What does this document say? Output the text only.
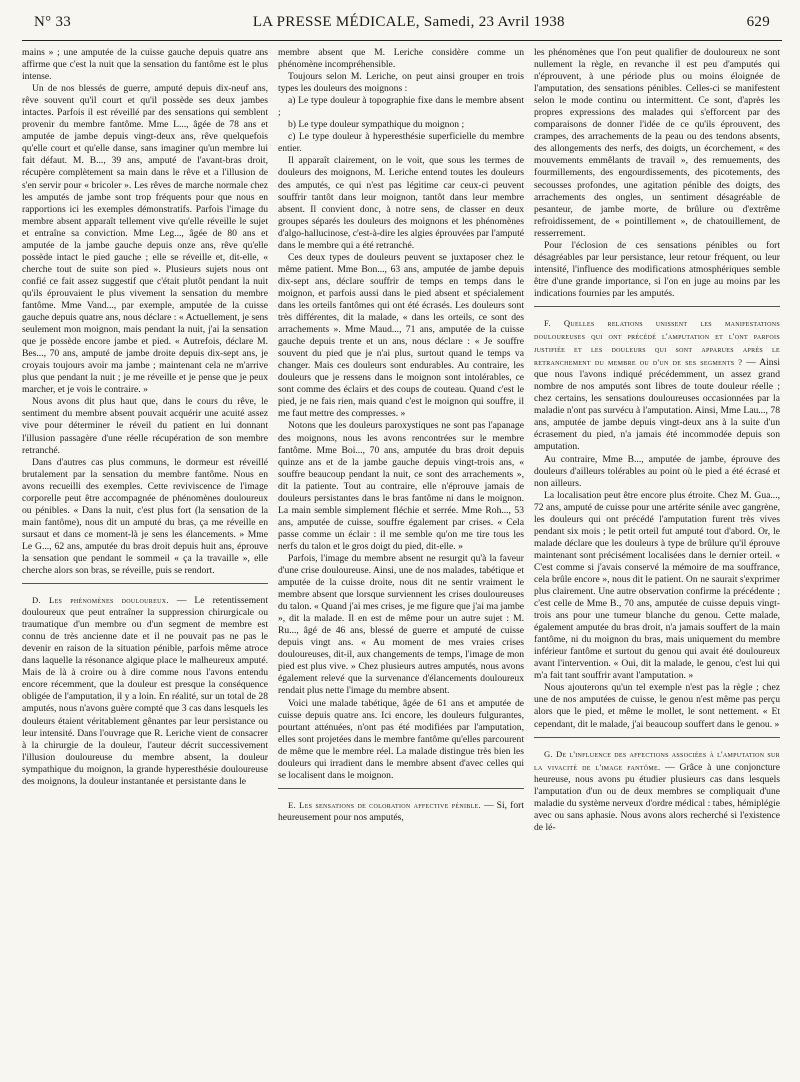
N° 33	LA PRESSE MÉDICALE, Samedi, 23 Avril 1938	629

mains » ; une amputée de la cuisse gauche depuis quatre ans affirme que c'est la nuit que la sensation du fantôme est le plus intense.

Un de nos blessés de guerre, amputé depuis dix-neuf ans, rêve souvent qu'il court et qu'il possède ses deux jambes intactes. Parfois il est réveillé par des sensations qui semblent provenir du membre fantôme. Mme L..., âgée de 78 ans et amputée de jambe depuis vingt-deux ans, rêve quelquefois qu'elle court et qu'elle danse, sans imaginer qu'un membre lui fait défaut. M. B..., 39 ans, amputé de l'avant-bras droit, récupère complètement sa main dans le rêve et a l'illusion de s'en servir pour « bricoler ». Les rêves de marche normale chez les amputés de jambe sont trop fréquents pour que nous en rapportions ici les exemples démonstratifs. Parfois l'image du membre absent apparaît tellement vive qu'elle réveille le sujet et entraîne sa conviction. Mme Leg..., âgée de 80 ans et amputée de la jambe gauche depuis onze ans, rêve qu'elle possède intact le pied gauche ; elle se réveille et, dit-elle, « cherche tout de suite son pied ». Plusieurs sujets nous ont confié ce fait assez suggestif que c'était plutôt pendant la nuit qu'ils éprouvaient le plus vivement la sensation du membre fantôme. Mme Vand..., par exemple, amputée de la cuisse gauche depuis quatre ans, nous déclare : « Actuellement, je sens seulement mon moignon, mais pendant la nuit, j'ai la sensation que je possède encore jambe et pied. « Autrefois, déclare M. Bes..., 70 ans, amputé de jambe droite depuis dix-sept ans, je croyais toujours avoir ma jambe ; maintenant cela ne m'arrive plus que pendant la nuit ; je me réveille et je pense que je peux marcher, et je vois le contraire. »

Nous avons dit plus haut que, dans le cours du rêve, le sentiment du membre absent pouvait acquérir une acuité assez vive pour déterminer le réveil du patient en lui donnant l'illusion passagère d'une réelle récupération de son membre retranché.

Dans d'autres cas plus communs, le dormeur est réveillé brutalement par la sensation du membre fantôme. Nous en avons recueilli des exemples. Cette reviviscence de l'image corporelle peut être accompagnée de phénomènes douloureux ou pénibles. « Dans la nuit, c'est plus fort (la sensation de la main fantôme), nous dit un amputé du bras, ça me réveille en sursaut et dans ce moment-là je sens les élancements. » Mme Le G..., 62 ans, amputée du bras droit depuis huit ans, éprouve la sensation que pendant le sommeil « ça la travaille », elle cherche alors son bras, se réveille, puis se rendort.

D. Les phénomènes douloureux. — Le retentissement douloureux que peut entraîner la suppression chirurgicale ou traumatique d'un membre ou d'un segment de membre est connu de très ancienne date et il ne pouvait pas ne pas le devenir en raison de la situation pénible, parfois même atroce dans laquelle la résonance algique place le malheureux amputé. Mais de là à croire ou à dire comme nous l'avons entendu encore récemment, que la douleur est presque la conséquence obligée de l'amputation, il y a loin. En réalité, sur un total de 28 amputés, nous n'avons guère compté que 3 cas dans lesquels les douleurs étaient véritablement gênantes par leur persistance ou leur intensité. Dans l'ouvrage que R. Leriche vient de consacrer à la chirurgie de la douleur, l'auteur décrit successivement l'illusion douloureuse du membre absent, la douleur sympathique du moignon, la grande hyperesthésie douloureuse des moignons, la douleur instantanée et persistante dans le

membre absent que M. Leriche considère comme un phénomène incompréhensible.

Toujours selon M. Leriche, on peut ainsi grouper en trois types les douleurs des moignons :

a) Le type douleur à topographie fixe dans le membre absent ;

b) Le type douleur sympathique du moignon ;

c) Le type douleur à hyperesthésie superficielle du membre entier.

Il apparaît clairement, on le voit, que sous les termes de douleurs des moignons, M. Leriche entend toutes les douleurs des amputés, ce qui n'est pas légitime car ceux-ci peuvent souffrir tantôt dans leur moignon, tantôt dans leur membre absent. Il convient donc, à notre sens, de classer en deux groupes séparés les douleurs des moignons et les phénomènes d'algo-hallucinose, c'est-à-dire les algies éprouvées par l'amputé dans le membre qui a été retranché.

Ces deux types de douleurs peuvent se juxtaposer chez le même patient. Mme Bon..., 63 ans, amputée de jambe depuis dix-sept ans, déclare souffrir de temps en temps dans le moignon, et parfois aussi dans le pied absent et spécialement dans les orteils fantômes qui ont été écrasés. Les douleurs sont très différentes, dit la malade, « dans les orteils, ce sont des arrachements ». Mme Maud..., 71 ans, amputée de la cuisse gauche depuis trente et un ans, nous déclare : « Je souffre souvent du pied que je n'ai plus, surtout quand le temps va changer. Mais ces douleurs sont endurables. Au contraire, les douleurs que je ressens dans le moignon sont intolérables, ce sont comme des éclairs et des coups de couteau. Quand c'est le pied, je ne fais rien, mais quand c'est le moignon qui souffre, il me faut mettre des compresses. »

Notons que les douleurs paroxystiques ne sont pas l'apanage des moignons, nous les avons rencontrées sur le membre fantôme. Mme Boi..., 70 ans, amputée du bras droit depuis quinze ans et de la jambe gauche depuis vingt-trois ans, « souffre beaucoup pendant la nuit, ce sont des arrachements », dit la patiente. Tout au contraire, elle n'éprouve jamais de douleurs persistantes dans le bras fantôme ni dans le moignon. La main semble simplement fléchie et serrée. Mme Roh..., 53 ans, amputée de cuisse, souffre également par crises. « Cela passe comme un éclair : il me semble qu'on me tire tous les nerfs du talon et le gros doigt du pied, dit-elle. »

Parfois, l'image du membre absent ne resurgit qu'à la faveur d'une crise douloureuse. Ainsi, une de nos malades, tabétique et amputée de la cuisse droite, nous dit ne sentir vraiment le membre absent que lorsque surviennent les crises douloureuses du talon. « Quand j'ai mes crises, je me figure que j'ai ma jambe », dit la malade. Il en est de même pour un autre sujet : M. Ru..., âgé de 46 ans, blessé de guerre et amputé de cuisse depuis vingt ans. « Au moment de mes vraies crises douloureuses, dit-il, aux changements de temps, l'image de mon pied est plus vive. » Chez plusieurs autres amputés, nous avons également relevé que la survenance d'élancements douloureux rendait plus nette l'image du membre absent.

Voici une malade tabétique, âgée de 61 ans et amputée de cuisse depuis quatre ans. Ici encore, les douleurs fulgurantes, pourtant atténuées, n'ont pas été modifiées par l'amputation, elles sont projetées dans le membre fantôme qu'elles parcourent de même que le membre réel. La malade distingue très bien les douleurs qui irradient dans le membre absent d'avec celles qui se localisent dans le moignon.

E. Les sensations de coloration affective pénible. — Si, fort heureusement pour nos amputés,

les phénomènes que l'on peut qualifier de douloureux ne sont nullement la règle, en revanche il est peu d'amputés qui n'éprouvent, à une période plus ou moins éloignée de l'amputation, des sensations pénibles. Celles-ci se manifestent selon le mode continu ou intermittent. Ce sont, d'après les propres expressions des malades qui s'efforcent par des comparaisons de donner l'idée de ce qu'ils éprouvent, des crampes, des arrachements de la peau ou des tendons absents, des allongements des nerfs, des doigts, un écorchement, « des mouvements emmêlants de travail », des remuements, des fourmillements, des engourdissements, des picotements, des secousses profondes, une agitation pénible des doigts, des arrachements des ongles, un sentiment désagréable de pesanteur, de jambe morte, de brûlure ou d'extrême refroidissement, de « pointillement », de chatouillement, de resserrement.

Pour l'éclosion de ces sensations pénibles ou fort désagréables par leur persistance, leur retour fréquent, ou leur intensité, l'influence des modifications atmosphériques semble être d'une grande importance, si l'on en juge au moins par les indications fournies par les amputés.

F. Quelles relations unissent les manifestations douloureuses qui ont précédé l'amputation et l'ont parfois justifiée et les douleurs qui sont apparues après le retranchement du membre ou d'un de ses segments ? — Ainsi que nous l'avons indiqué précédemment, un assez grand nombre de nos amputés sont libres de toute douleur réelle ; chez certains, les sensations douloureuses occasionnées par la maladie n'ont pas survécu à l'amputation. Ainsi, Mme Lau..., 78 ans, amputée de jambe depuis vingt-deux ans à la suite d'un écrasement du pied, n'a jamais été incommodée depuis son amputation.

Au contraire, Mme B..., amputée de jambe, éprouve des douleurs d'ailleurs tolérables au point où le pied a été écrasé et non ailleurs.

La localisation peut être encore plus étroite. Chez M. Gua..., 72 ans, amputé de cuisse pour une artérite sénile avec gangrène, les douleurs qui ont précédé l'amputation furent très vives pendant six mois ; le petit orteil fut amputé tout d'abord. Or, le malade déclare que les douleurs à type de brûlure qu'il éprouve maintenant sont précisément localisées dans le dernier orteil. « C'est comme si j'avais conservé la mémoire de ma souffrance, cela brûle encore », nous dit le patient. On ne saurait s'exprimer plus clairement. Une autre observation confirme la précédente ; c'est celle de Mme B., 70 ans, amputée de cuisse depuis vingt-trois ans pour une tumeur blanche du genou. Cette malade, également amputée du bras droit, n'a jamais souffert de la main fantôme, ni du moignon du bras, mais uniquement du membre inférieur fantôme et surtout du genou qui avait été douloureux avant l'intervention. « Oui, dit la malade, le genou, c'est lui qui m'a fait tant souffrir avant l'amputation. »

Nous ajouterons qu'un tel exemple n'est pas la règle ; chez une de nos amputées de cuisse, le genou n'est même pas perçu alors que le pied, et même le mollet, le sont nettement. « Et cependant, dit le malade, j'ai beaucoup souffert dans le genou. »

G. De l'influence des affections associées à l'amputation sur la vivacité de l'image fantôme. — Grâce à une conjoncture heureuse, nous avons pu étudier plusieurs cas dans lesquels l'amputation d'un ou de deux membres se compliquait d'une maladie du système nerveux d'ordre médical : tabes, hémiplégie avec ou sans aphasie. Nous avons alors recherché si l'existence de lé-
